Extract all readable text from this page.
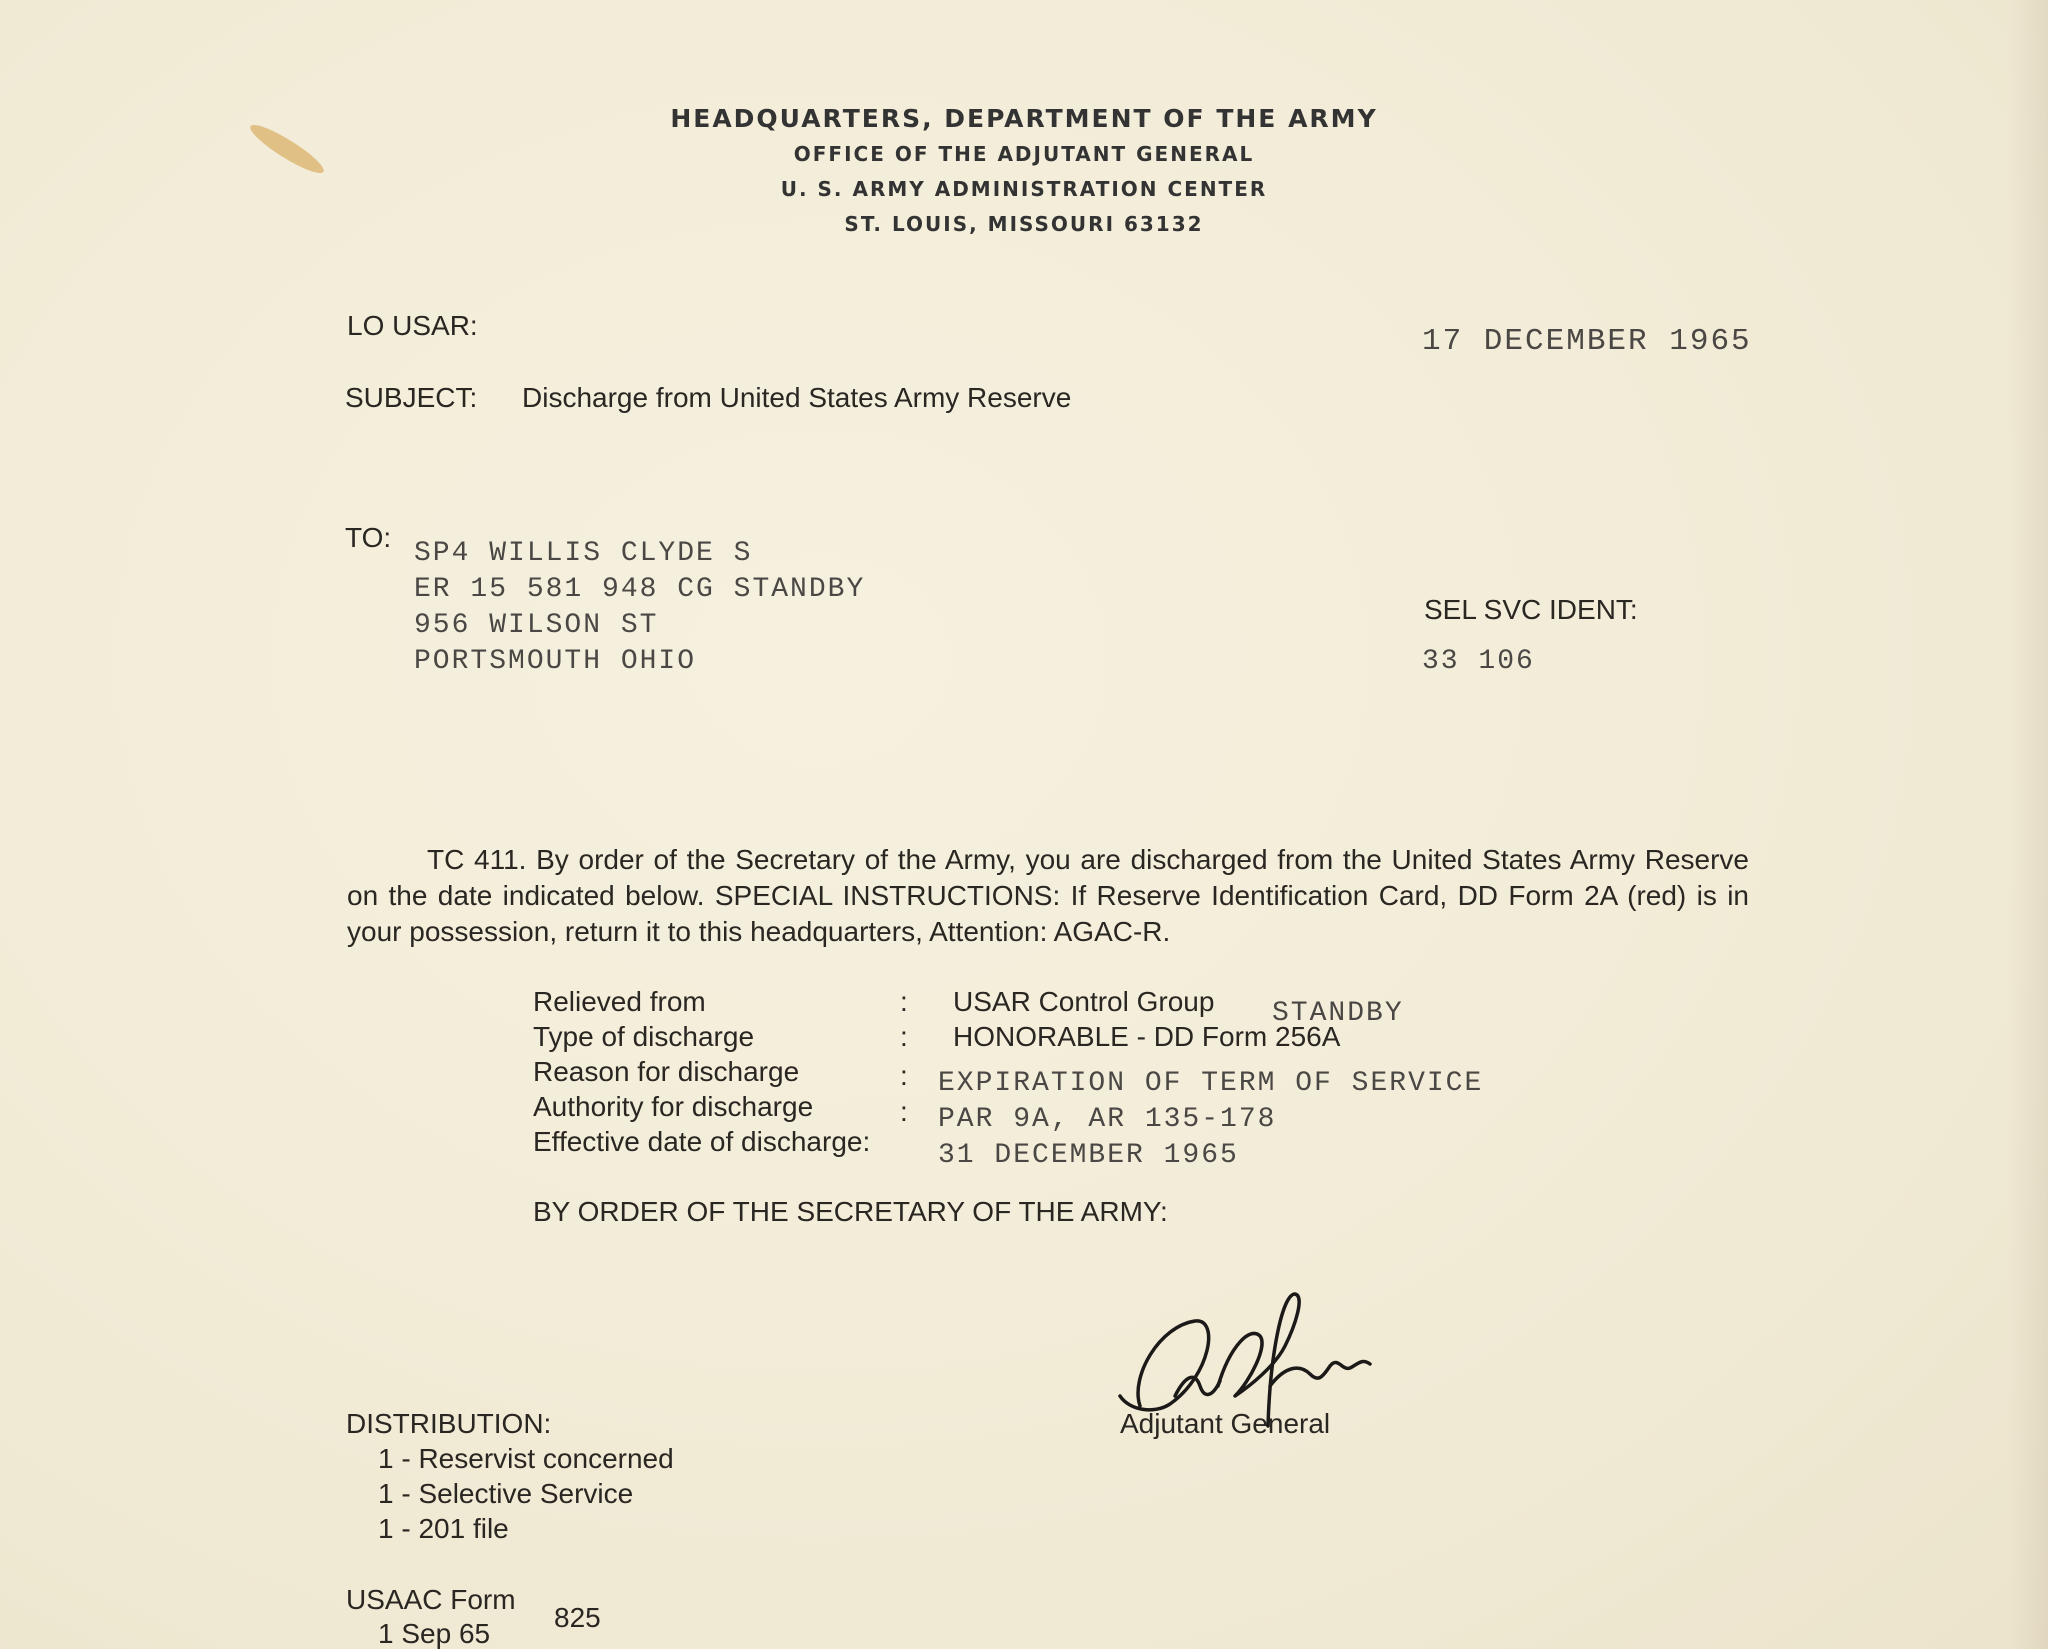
HEADQUARTERS, DEPARTMENT OF THE ARMY
OFFICE OF THE ADJUTANT GENERAL
U. S. ARMY ADMINISTRATION CENTER
ST. LOUIS, MISSOURI 63132
LO USAR:	17 DECEMBER 1965
SUBJECT: Discharge from United States Army Reserve
TO:
SP4 WILLIS CLYDE S
ER 15 581 948 CG STANDBY
956 WILSON ST
PORTSMOUTH OHIO
SEL SVC IDENT:
33 106
TC 411. By order of the Secretary of the Army, you are discharged from the United States Army Reserve on the date indicated below. SPECIAL INSTRUCTIONS: If Reserve Identification Card, DD Form 2A (red) is in your possession, return it to this headquarters, Attention: AGAC-R.
Relieved from	: USAR Control Group STANDBY
Type of discharge	: HONORABLE - DD Form 256A
Reason for discharge	: EXPIRATION OF TERM OF SERVICE
Authority for discharge	: PAR 9A, AR 135-178
Effective date of discharge: 31 DECEMBER 1965
BY ORDER OF THE SECRETARY OF THE ARMY:
Adjutant General
DISTRIBUTION:
1 - Reservist concerned
1 - Selective Service
1 - 201 file
USAAC Form
1 Sep 65
825
